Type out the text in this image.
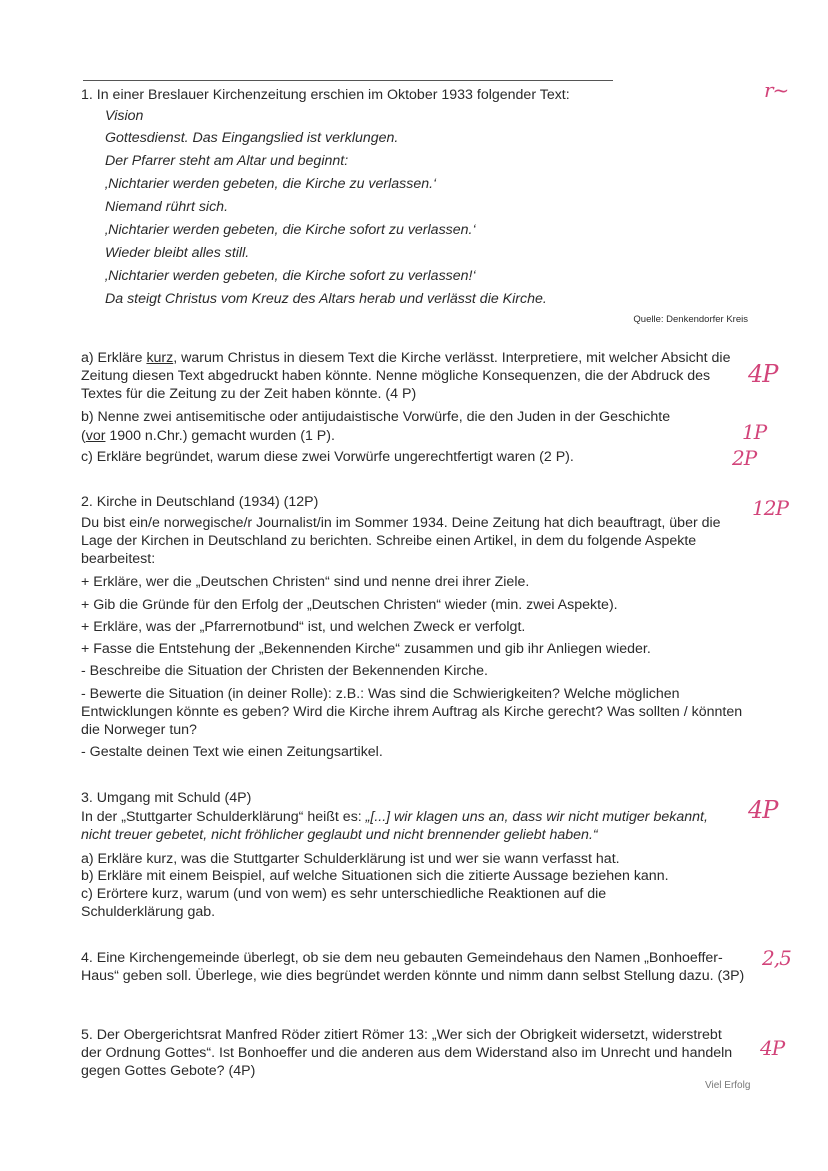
1. In einer Breslauer Kirchenzeitung erschien im Oktober 1933 folgender Text:
Vision
Gottesdienst. Das Eingangslied ist verklungen.
Der Pfarrer steht am Altar und beginnt:
‚Nichtarier werden gebeten, die Kirche zu verlassen.‘
Niemand rührt sich.
‚Nichtarier werden gebeten, die Kirche sofort zu verlassen.‘
Wieder bleibt alles still.
‚Nichtarier werden gebeten, die Kirche sofort zu verlassen!‘
Da steigt Christus vom Kreuz des Altars herab und verlässt die Kirche.
Quelle: Denkendorfer Kreis
a) Erkläre kurz, warum Christus in diesem Text die Kirche verlässt. Interpretiere, mit welcher Absicht die Zeitung diesen Text abgedruckt haben könnte. Nenne mögliche Konsequenzen, die der Abdruck des Textes für die Zeitung zu der Zeit haben könnte. (4 P)
b) Nenne zwei antisemitische oder antijudaistische Vorwürfe, die den Juden in der Geschichte
(vor 1900 n.Chr.) gemacht wurden (1 P).
c) Erkläre begründet, warum diese zwei Vorwürfe ungerechtfertigt waren (2 P).
2. Kirche in Deutschland (1934) (12P)
Du bist ein/e norwegische/r Journalist/in im Sommer 1934. Deine Zeitung hat dich beauftragt, über die Lage der Kirchen in Deutschland zu berichten. Schreibe einen Artikel, in dem du folgende Aspekte bearbeitest:
+ Erkläre, wer die „Deutschen Christen“ sind und nenne drei ihrer Ziele.
+ Gib die Gründe für den Erfolg der „Deutschen Christen“ wieder (min. zwei Aspekte).
+ Erkläre, was der „Pfarrernotbund“ ist, und welchen Zweck er verfolgt.
+ Fasse die Entstehung der „Bekennenden Kirche“ zusammen und gib ihr Anliegen wieder.
- Beschreibe die Situation der Christen der Bekennenden Kirche.
- Bewerte die Situation (in deiner Rolle): z.B.: Was sind die Schwierigkeiten? Welche möglichen Entwicklungen könnte es geben? Wird die Kirche ihrem Auftrag als Kirche gerecht? Was sollten / könnten die Norweger tun?
- Gestalte deinen Text wie einen Zeitungsartikel.
3. Umgang mit Schuld (4P)
In der „Stuttgarter Schulderklärung“ heißt es: „[...] wir klagen uns an, dass wir nicht mutiger bekannt, nicht treuer gebetet, nicht fröhlicher geglaubt und nicht brennender geliebt haben.“
a) Erkläre kurz, was die Stuttgarter Schulderklärung ist und wer sie wann verfasst hat.
b) Erkläre mit einem Beispiel, auf welche Situationen sich die zitierte Aussage beziehen kann.
c) Erörtere kurz, warum (und von wem) es sehr unterschiedliche Reaktionen auf die Schulderklärung gab.
4. Eine Kirchengemeinde überlegt, ob sie dem neu gebauten Gemeindehaus den Namen „Bonhoeffer-Haus“ geben soll. Überlege, wie dies begründet werden könnte und nimm dann selbst Stellung dazu. (3P)
5. Der Obergerichtsrat Manfred Röder zitiert Römer 13: „Wer sich der Obrigkeit widersetzt, widerstrebt der Ordnung Gottes“. Ist Bonhoeffer und die anderen aus dem Widerstand also im Unrecht und handeln gegen Gottes Gebote? (4P)
r~
4P
1P
2P
12P
4P
2,5
4P
Viel Erfolg
